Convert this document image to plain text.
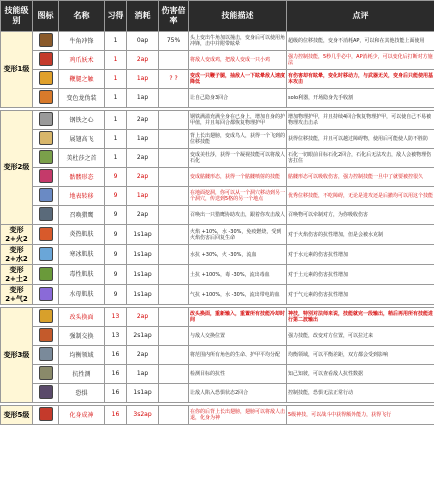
技能级别	图标	名称	习得	消耗	伤害倍率	技能描述	点评
变形1级		牛角冲锋	1	0ap	75%	头上变出牛角加以撞击，变身后可以使用角冲锋，击中并附带眩晕	超级的位移技能，变身不消耗AP，可以和在其他技能上面使用
		鸡爪妖术	1	2ap		将敌人变成鸡，把敌人变成一只小鸡	强力控制技能，5秒几乎必中，AP消耗少，可以变化后打断对方施法
		鞭腿之触	1	1ap	? ?	变成一只鞭子腿，抽敌人一下眩晕敌人速度降低	有伤害却有眩晕，变化时移动力，与武器无关，变身后只能使用基本攻击
		变色龙伪装	1	1ap		让自己隐身3回合	solo利器，开场隐身先手收割

变形2级		钢铁之心	1	2ap		钢铁满溢充满全身在已身上，增加自身的护甲值，并且每回合都恢复物理护甲	增加物理护甲，并且持续4回合恢复物理护甲，可以使自己不易被物理攻击击杀
		展翅高飞	1	1ap		背上长出翅膀，变成鸟人，获得一个飞到的位移技能	获得位移技能，并且可以越过障碍物，使用后可能使人防不胜防
		美杜莎之首	1	2ap		变成美杜莎，获得一个凝视技能可以将敌人石化	石化一切眼前目标石化2回合，石化后无法攻击，敌人会被物理伤害扛住
		骷髅形态	9	2ap		变成骷髅形态，获得一个骷髅喷射的技能	骷髅形态可以吸收伤害，强力控制技能一旦中了就要被控很久
		地表转移	9	1ap		在地面挖洞，你可以从一个洞穴移动到另一个洞穴，传送到5格的另一个地点	优秀位移技能，不吃障碍，无论是进攻还是后撤均可以用这个技能
		召唤猎鹰	9	2ap		召唤出一只猎鹰协助攻击，跟着你攻击敌人	召唤物可以牵制对方，为你吸收伤害
变形2+火2		炎热肌肤	9	1s1ap		火焰 +10%，水 -30%，免疫燃烧，受到火焰伤害后回复生命	对于火焰伤害的抗性增加，但是会被水克制
变形2+水2		寒冰肌肤	9	1s1ap		水抗 +30%，火 -30%，流血	对于水元素的伤害抗性增加
变形2+土2		毒性肌肤	9	1s1ap		土抗 +100%，毒 -30%，流出毒血	对于土元素的伤害抗性增加
变形2+气2		水母肌肤	9	1s1ap		气抗 +100%，水 -30%，流出带电的血	对于气元素的伤害抗性增加

变形3级		改头换面	13	2ap		改头换面，重新输入，重置所有技能冷却时间	神技，特别对法师来说，技能就完一段输出，稍后再用所有技能进行第二波输出
		强制交换	13	2s1ap		与敌人交换位置	强力技能，改变对方位置，可以拉过来
		均衡领域	16	2ap		将范围内所有角色的生命、护甲平均分配	均衡领域，可以平衡差距，双方都会受到影响
		抗性测	16	1ap		检测目标的抗性	知己知彼，可以查看敌人抗性数据
		恐惧	16	1s1ap		让敌人陷入恐惧状态2回合	控制技能，恐惧无法正常行动

变形5级		化身成神	16	3s2ap		在你的后背上长出翅膀，翅膀可以将敌人击退，化身为神	5级神技，可以战斗中获得额外能力，获得飞行
